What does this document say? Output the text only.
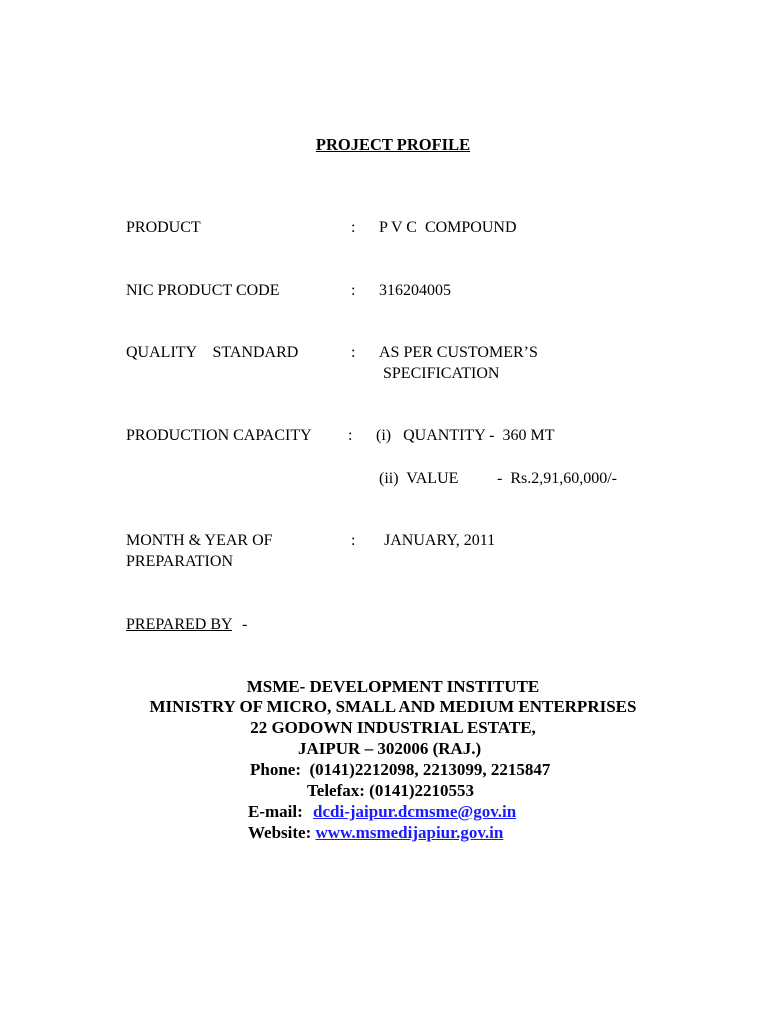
PROJECT PROFILE
PRODUCT	: P V C  COMPOUND
NIC PRODUCT CODE	: 316204005
QUALITY    STANDARD	: AS PER CUSTOMER’S
SPECIFICATION
PRODUCTION CAPACITY : (i)   QUANTITY -  360 MT
(ii)  VALUE -  Rs.2,91,60,000/-
MONTH & YEAR OF
PREPARATION
: JANUARY, 2011
PREPARED BY -
MSME- DEVELOPMENT INSTITUTE
MINISTRY OF MICRO, SMALL AND MEDIUM ENTERPRISES
22 GODOWN INDUSTRIAL ESTATE,
JAIPUR – 302006 (RAJ.)
Phone:  (0141)2212098, 2213099, 2215847
Telefax: (0141)2210553
E-mail: dcdi-jaipur.dcmsme@gov.in
Website: www.msmedijapiur.gov.in
